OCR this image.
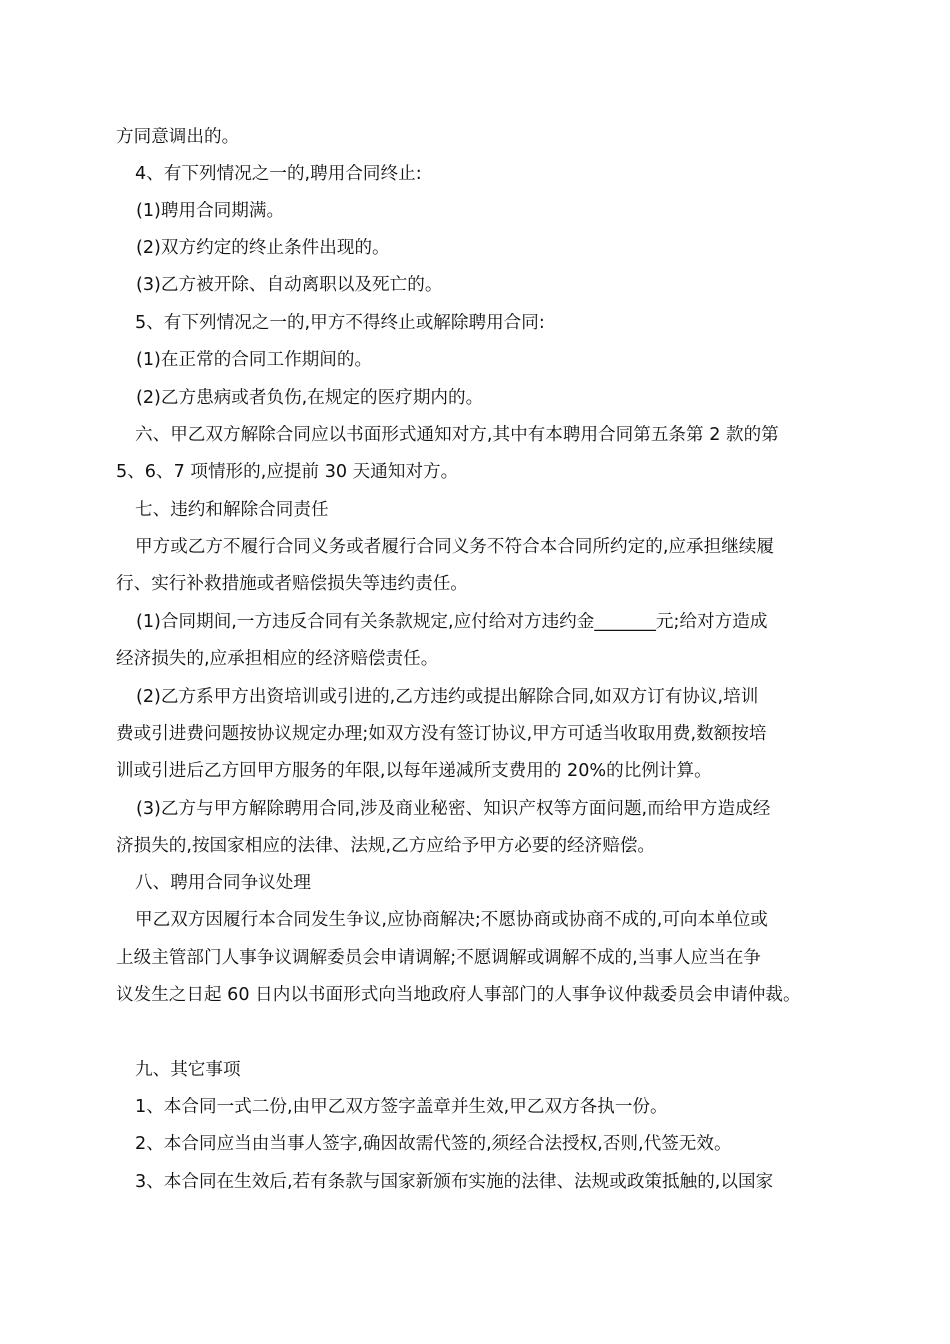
方同意调出的。
4、有下列情况之一的,聘用合同终止:
(1)聘用合同期满。
(2)双方约定的终止条件出现的。
(3)乙方被开除、自动离职以及死亡的。
5、有下列情况之一的,甲方不得终止或解除聘用合同:
(1)在正常的合同工作期间的。
(2)乙方患病或者负伤,在规定的医疗期内的。
六、甲乙双方解除合同应以书面形式通知对方,其中有本聘用合同第五条第 2 款的第
5、6、7 项情形的,应提前 30 天通知对方。
七、违约和解除合同责任
甲方或乙方不履行合同义务或者履行合同义务不符合本合同所约定的,应承担继续履
行、实行补救措施或者赔偿损失等违约责任。
(1)合同期间,一方违反合同有关条款规定,应付给对方违约金_______元;给对方造成
经济损失的,应承担相应的经济赔偿责任。
(2)乙方系甲方出资培训或引进的,乙方违约或提出解除合同,如双方订有协议,培训
费或引进费问题按协议规定办理;如双方没有签订协议,甲方可适当收取用费,数额按培
训或引进后乙方回甲方服务的年限,以每年递减所支费用的 20%的比例计算。
(3)乙方与甲方解除聘用合同,涉及商业秘密、知识产权等方面问题,而给甲方造成经
济损失的,按国家相应的法律、法规,乙方应给予甲方必要的经济赔偿。
八、聘用合同争议处理
甲乙双方因履行本合同发生争议,应协商解决;不愿协商或协商不成的,可向本单位或
上级主管部门人事争议调解委员会申请调解;不愿调解或调解不成的,当事人应当在争
议发生之日起 60 日内以书面形式向当地政府人事部门的人事争议仲裁委员会申请仲裁。
九、其它事项
1、本合同一式二份,由甲乙双方签字盖章并生效,甲乙双方各执一份。
2、本合同应当由当事人签字,确因故需代签的,须经合法授权,否则,代签无效。
3、本合同在生效后,若有条款与国家新颁布实施的法律、法规或政策抵触的,以国家
